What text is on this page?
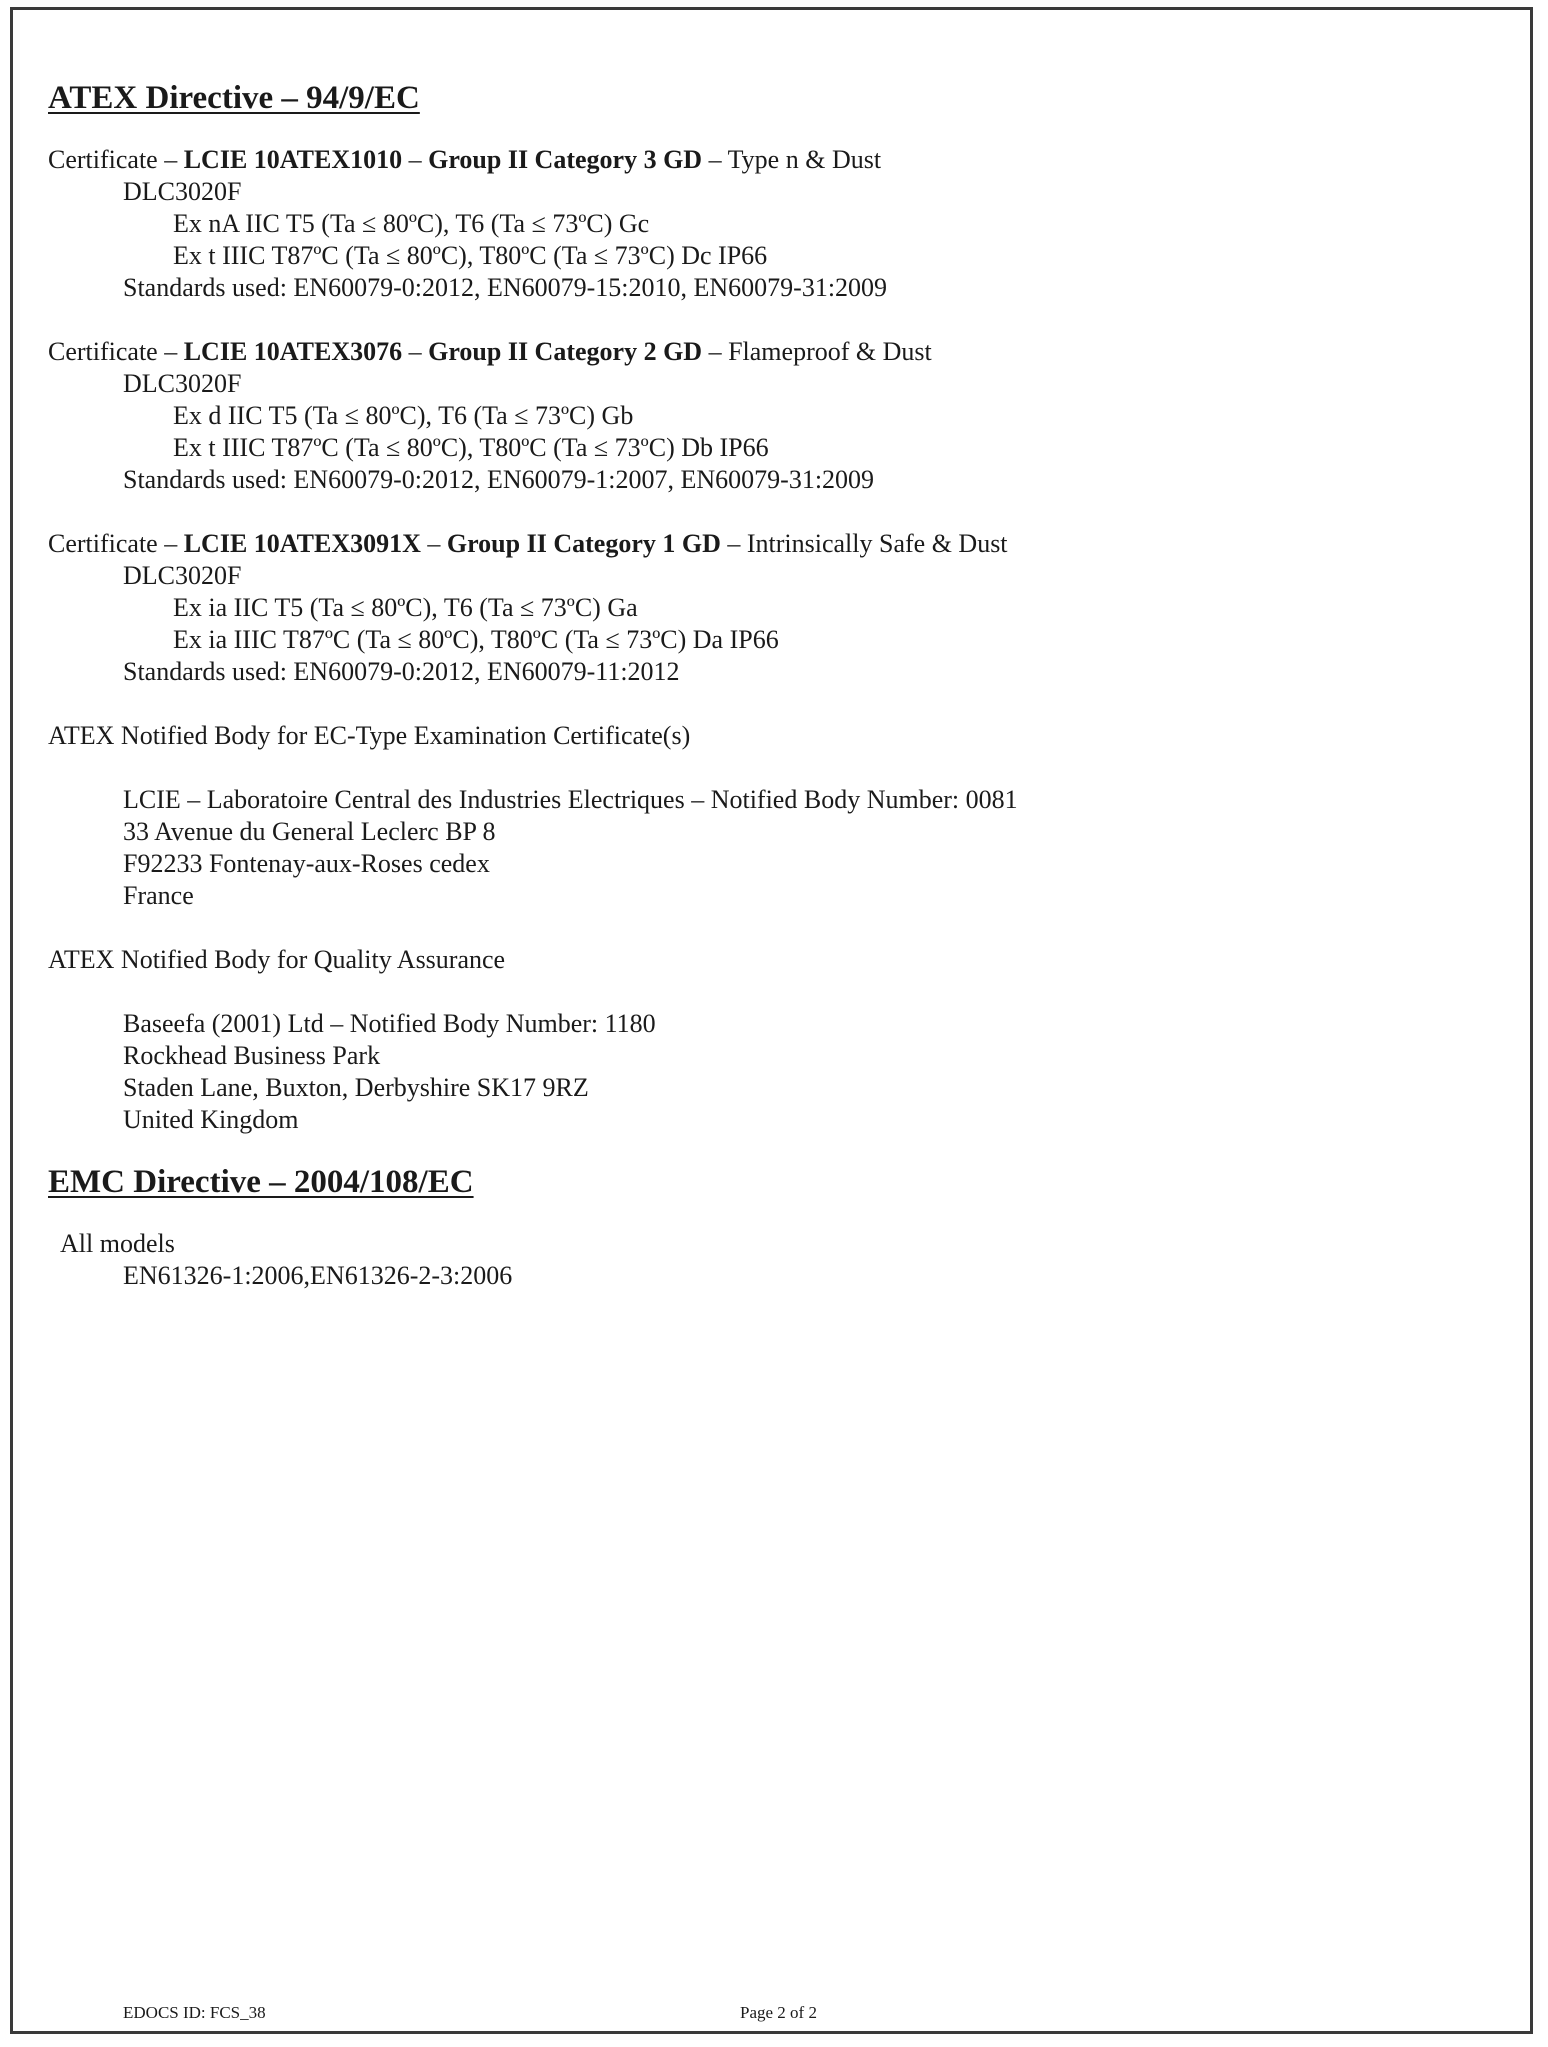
ATEX Directive – 94/9/EC
Certificate – LCIE 10ATEX1010 – Group II Category 3 GD – Type n & Dust
DLC3020F
Ex nA IIC T5 (Ta ≤ 80ºC), T6 (Ta ≤ 73ºC) Gc
Ex t IIIC T87ºC (Ta ≤ 80ºC), T80ºC (Ta ≤ 73ºC) Dc IP66
Standards used: EN60079-0:2012, EN60079-15:2010, EN60079-31:2009
Certificate – LCIE 10ATEX3076 – Group II Category 2 GD – Flameproof & Dust
DLC3020F
Ex d IIC T5 (Ta ≤ 80ºC), T6 (Ta ≤ 73ºC) Gb
Ex t IIIC T87ºC (Ta ≤ 80ºC), T80ºC (Ta ≤ 73ºC) Db IP66
Standards used: EN60079-0:2012, EN60079-1:2007, EN60079-31:2009
Certificate – LCIE 10ATEX3091X – Group II Category 1 GD – Intrinsically Safe & Dust
DLC3020F
Ex ia IIC T5 (Ta ≤ 80ºC), T6 (Ta ≤ 73ºC) Ga
Ex ia IIIC T87ºC (Ta ≤ 80ºC), T80ºC (Ta ≤ 73ºC) Da IP66
Standards used: EN60079-0:2012, EN60079-11:2012
ATEX Notified Body for EC-Type Examination Certificate(s)
LCIE – Laboratoire Central des Industries Electriques – Notified Body Number: 0081
33 Avenue du General Leclerc BP 8
F92233 Fontenay-aux-Roses cedex
France
ATEX Notified Body for Quality Assurance
Baseefa (2001) Ltd – Notified Body Number: 1180
Rockhead Business Park
Staden Lane, Buxton, Derbyshire SK17 9RZ
United Kingdom
EMC Directive – 2004/108/EC
All models
EN61326-1:2006,EN61326-2-3:2006
EDOCS ID: FCS_38	Page 2 of 2
